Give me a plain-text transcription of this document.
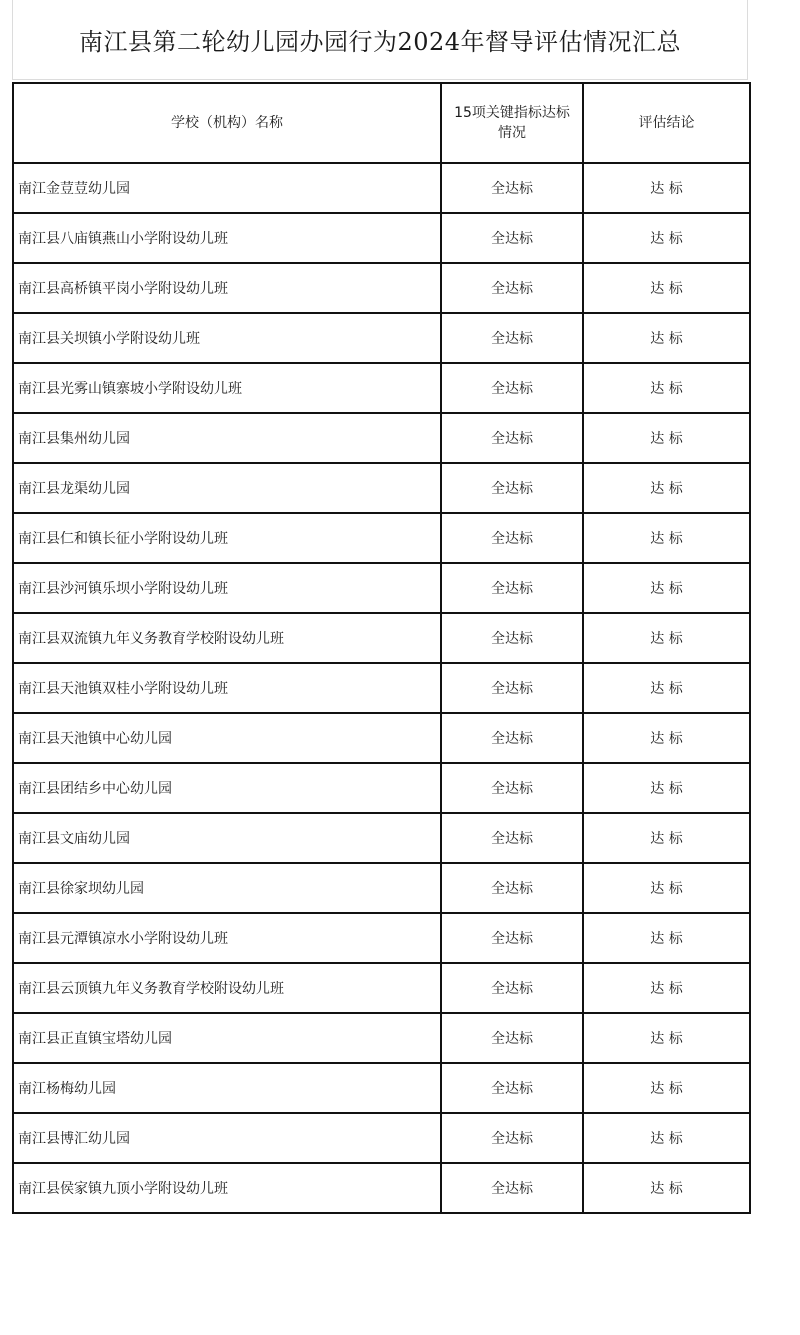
南江县第二轮幼儿园办园行为2024年督导评估情况汇总
学校（机构）名称	15项关键指标达标情况	评估结论
南江金荳荳幼儿园	全达标	达 标
南江县八庙镇燕山小学附设幼儿班	全达标	达 标
南江县高桥镇平岗小学附设幼儿班	全达标	达 标
南江县关坝镇小学附设幼儿班	全达标	达 标
南江县光雾山镇寨坡小学附设幼儿班	全达标	达 标
南江县集州幼儿园	全达标	达 标
南江县龙渠幼儿园	全达标	达 标
南江县仁和镇长征小学附设幼儿班	全达标	达 标
南江县沙河镇乐坝小学附设幼儿班	全达标	达 标
南江县双流镇九年义务教育学校附设幼儿班	全达标	达 标
南江县天池镇双桂小学附设幼儿班	全达标	达 标
南江县天池镇中心幼儿园	全达标	达 标
南江县团结乡中心幼儿园	全达标	达 标
南江县文庙幼儿园	全达标	达 标
南江县徐家坝幼儿园	全达标	达 标
南江县元潭镇凉水小学附设幼儿班	全达标	达 标
南江县云顶镇九年义务教育学校附设幼儿班	全达标	达 标
南江县正直镇宝塔幼儿园	全达标	达 标
南江杨梅幼儿园	全达标	达 标
南江县博汇幼儿园	全达标	达 标
南江县侯家镇九顶小学附设幼儿班	全达标	达 标
